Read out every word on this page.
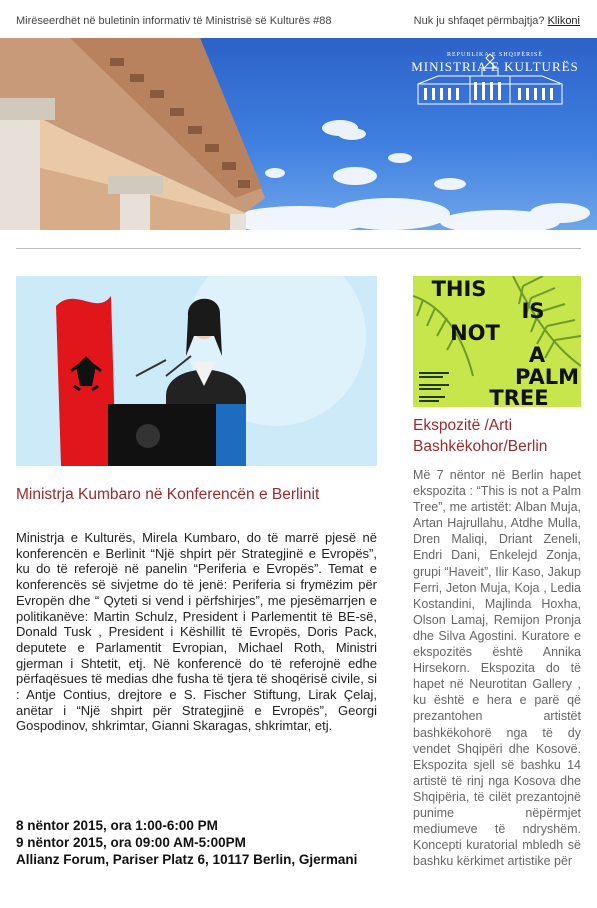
Mirëseerdhët në buletinin informativ të Ministrisë së Kulturës #88	Nuk ju shfaqet përmbajtja? Klikoni
REPUBLIKA E SHQIPËRISË
MINISTRIA E KULTURËS
Ministrja Kumbaro në Konferencën e Berlinit
Ministrja e Kulturës, Mirela Kumbaro, do të marrë pjesë në konferencën e Berlinit “Një shpirt për Strategjinë e Evropës”, ku do të referojë në panelin “Periferia e Evropës”. Temat e konferencës së sivjetme do të jenë: Periferia si frymëzim për Evropën dhe “ Qyteti si vend i përfshirjes”, me pjesëmarrjen e politikanëve: Martin Schulz, President i Parlementit të BE-së, Donald Tusk , President i Këshillit të Evropës, Doris Pack, deputete e Parlamentit Evropian, Michael Roth, Ministri gjerman i Shtetit, etj. Në konferencë do të referojnë edhe përfaqësues të medias dhe fusha të tjera të shoqërisë civile, si : Antje Contius, drejtore e S. Fischer Stiftung, Lirak Çelaj, anëtar i “Një shpirt për Strategjinë e Evropës”, Georgi Gospodinov, shkrimtar, Gianni Skaragas, shkrimtar, etj.

8 nëntor 2015, ora 1:00-6:00 PM

9 nëntor 2015, ora 09:00 AM-5:00PM

Allianz Forum, Pariser Platz 6, 10117 Berlin, Gjermani

THIS
IS
NOT
A
PALM
TREE
Ekspozitë /Arti Bashkëkohor/Berlin
Më 7 nëntor në Berlin hapet ekspozita : “This is not a Palm Tree”, me artistët: Alban Muja, Artan Hajrullahu, Atdhe Mulla, Dren Maliqi, Driant Zeneli, Endri Dani, Enkelejd Zonja, grupi “Haveit”, Ilir Kaso, Jakup Ferri, Jeton Muja, Koja , Ledia Kostandini, Majlinda Hoxha, Olson Lamaj, Remijon Pronja dhe Silva Agostini. Kuratore e ekspozitës është Annika Hirsekorn. Ekspozita do të hapet në Neurotitan Gallery , ku është e hera e parë që prezantohen artistët bashkëkohorë nga të dy vendet Shqipëri dhe Kosovë. Ekspozita sjell së bashku 14 artistë të rinj nga Kosova dhe Shqipëria, të cilët prezantojnë punime nëpërmjet mediumeve të ndryshëm. Koncepti kuratorial mbledh së bashku kërkimet artistike për
